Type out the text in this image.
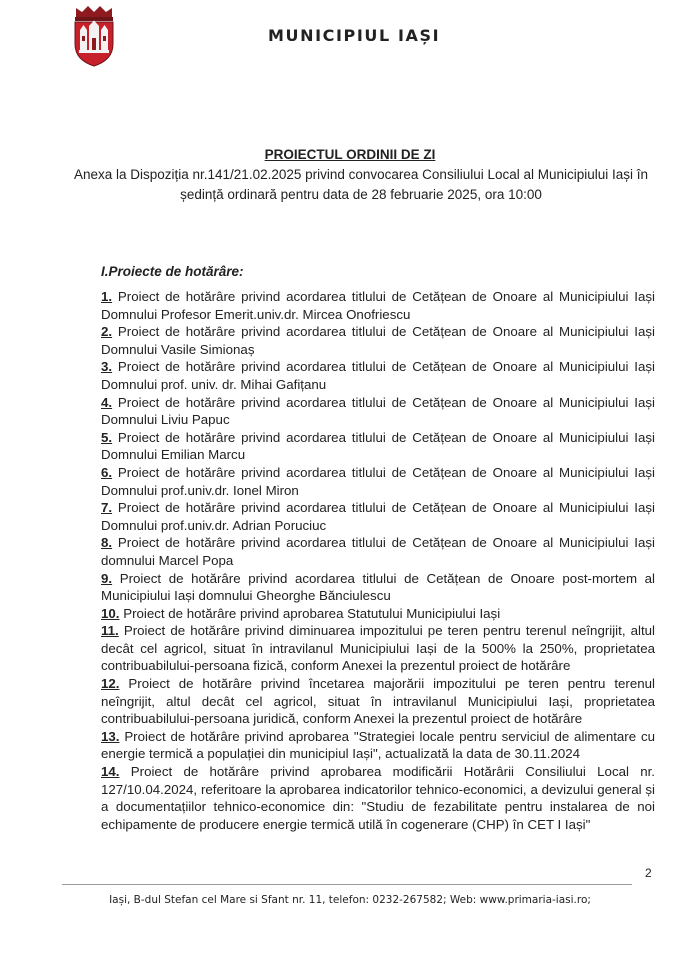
MUNICIPIUL IAȘI
PROIECTUL ORDINII DE ZI
Anexa la Dispoziția nr.141/21.02.2025 privind convocarea Consiliului Local al Municipiului Iași în ședință ordinară pentru data de 28 februarie 2025, ora 10:00
I.Proiecte de hotărâre:
1. Proiect de hotărâre privind acordarea titlului de Cetățean de Onoare al Municipiului Iași Domnului Profesor Emerit.univ.dr. Mircea Onofriescu
2. Proiect de hotărâre privind acordarea titlului de Cetățean de Onoare al Municipiului Iași Domnului Vasile Simionaș
3. Proiect de hotărâre privind acordarea titlului de Cetățean de Onoare al Municipiului Iași Domnului prof. univ. dr. Mihai Gafițanu
4. Proiect de hotărâre privind acordarea titlului de Cetățean de Onoare al Municipiului Iași Domnului Liviu Papuc
5. Proiect de hotărâre privind acordarea titlului de Cetățean de Onoare al Municipiului Iași Domnului Emilian Marcu
6. Proiect de hotărâre privind acordarea titlului de Cetățean de Onoare al Municipiului Iași Domnului prof.univ.dr. Ionel Miron
7. Proiect de hotărâre privind acordarea titlului de Cetățean de Onoare al Municipiului Iași Domnului prof.univ.dr. Adrian Poruciuc
8. Proiect de hotărâre privind acordarea titlului de Cetățean de Onoare al Municipiului Iași domnului Marcel Popa
9. Proiect de hotărâre privind acordarea titlului de Cetățean de Onoare post-mortem al Municipiului Iași domnului Gheorghe Bănciulescu
10. Proiect de hotărâre privind aprobarea Statutului Municipiului Iași
11. Proiect de hotărâre privind diminuarea impozitului pe teren pentru terenul neîngrijit, altul decât cel agricol, situat în intravilanul Municipiului Iași de la 500% la 250%, proprietatea contribuabilului-persoana fizică, conform Anexei la prezentul proiect de hotărâre
12. Proiect de hotărâre privind încetarea majorării impozitului pe teren pentru terenul neîngrijit, altul decât cel agricol, situat în intravilanul Municipiului Iași, proprietatea contribuabilului-persoana juridică, conform Anexei la prezentul proiect de hotărâre
13. Proiect de hotărâre privind aprobarea "Strategiei locale pentru serviciul de alimentare cu energie termică a populației din municipiul Iași", actualizată la data de 30.11.2024
14. Proiect de hotărâre privind aprobarea modificării Hotărârii Consiliului Local nr. 127/10.04.2024, referitoare la aprobarea indicatorilor tehnico-economici, a devizului general și a documentațiilor tehnico-economice din: "Studiu de fezabilitate pentru instalarea de noi echipamente de producere energie termică utilă în cogenerare (CHP) în CET I Iași"
2
Iași, B-dul Stefan cel Mare si Sfant nr. 11, telefon: 0232-267582; Web: www.primaria-iasi.ro;
